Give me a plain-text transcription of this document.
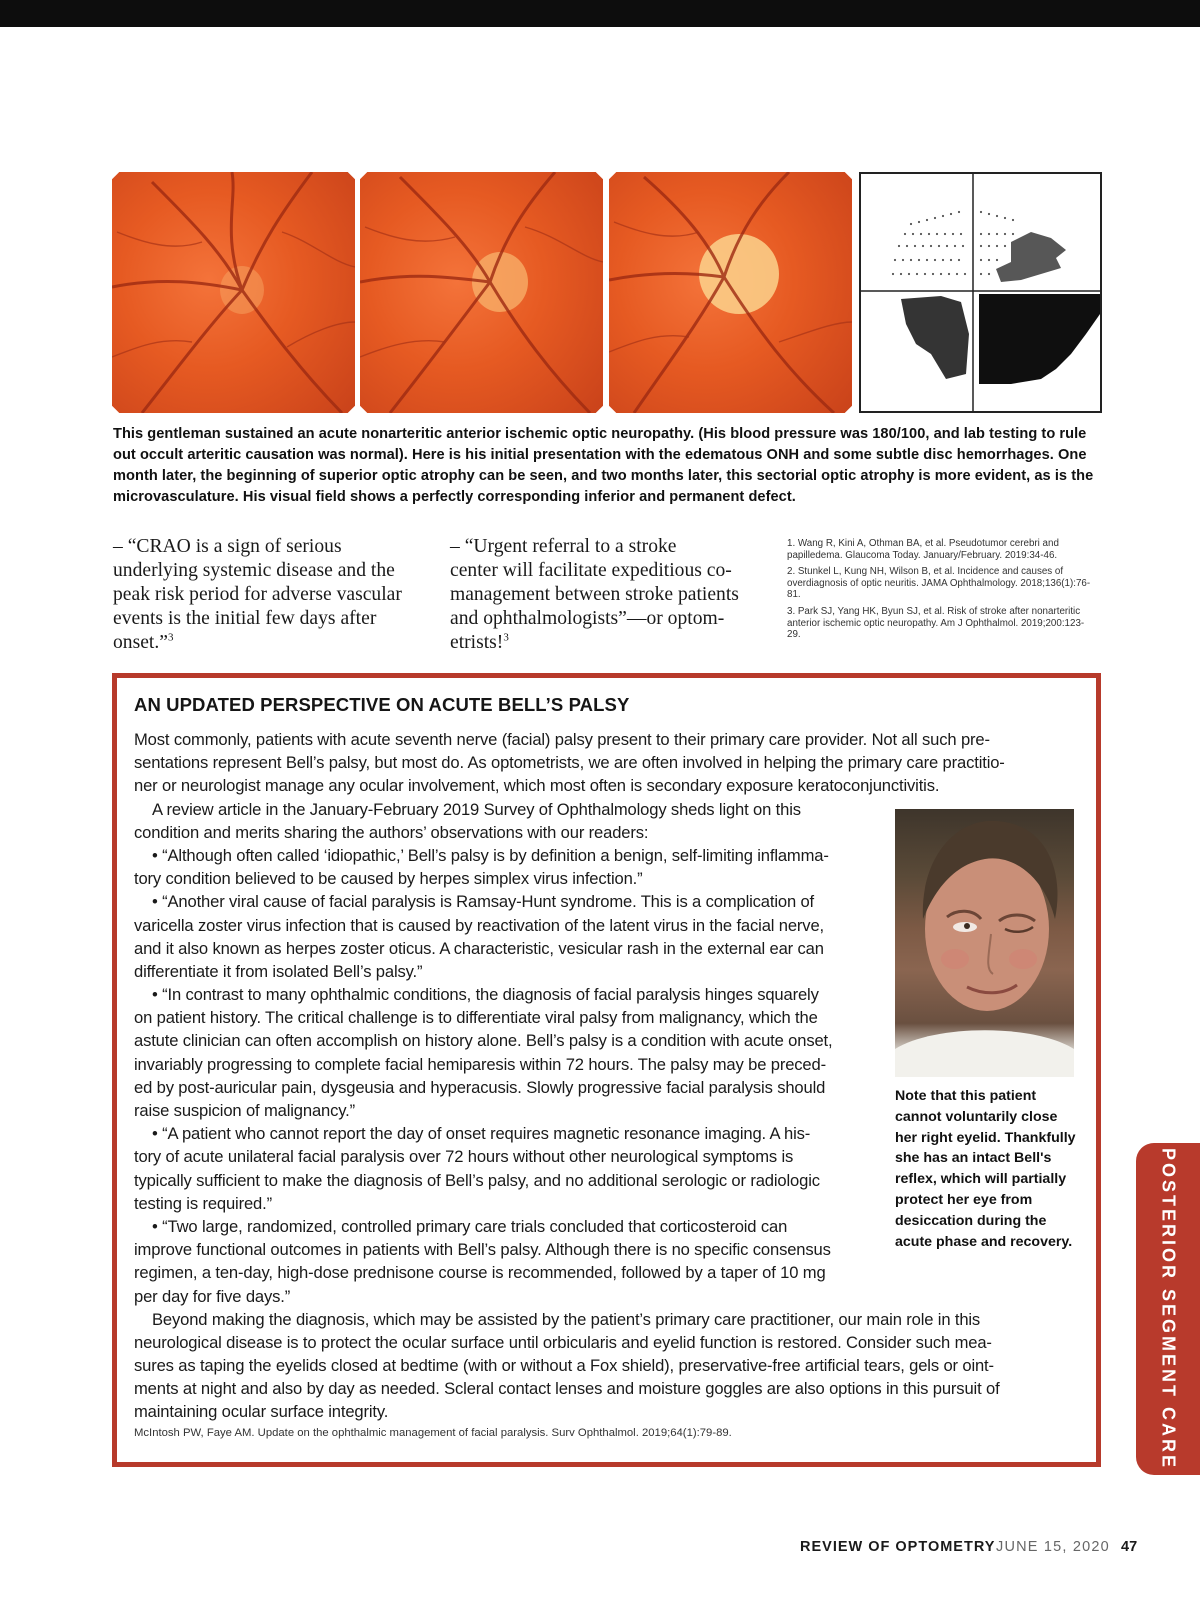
This gentleman sustained an acute nonarteritic anterior ischemic optic neuropathy. (His blood pressure was 180/100, and lab testing to rule out occult arteritic causation was normal). Here is his initial presentation with the edematous ONH and some subtle disc hemorrhages. One month later, the beginning of superior optic atrophy can be seen, and two months later, this sectorial optic atrophy is more evident, as is the microvasculature. His visual field shows a perfectly corresponding inferior and permanent defect.
– “CRAO is a sign of serious
underlying systemic disease and the
peak risk period for adverse vascular
events is the initial few days after
onset.”$^3$
– “Urgent referral to a stroke
center will facilitate expeditious co-
management between stroke patients
and ophthalmologists”—or optom-
etrists!$^3$

1. Wang R, Kini A, Othman BA, et al. Pseudotumor cerebri and papilledema. Glaucoma Today. January/February. 2019:34-46.

2. Stunkel L, Kung NH, Wilson B, et al. Incidence and causes of overdiagnosis of optic neuritis. JAMA Ophthalmology. 2018;136(1):76-81.

3. Park SJ, Yang HK, Byun SJ, et al. Risk of stroke after nonarteritic anterior ischemic optic neuropathy. Am J Ophthalmol. 2019;200:123-29.

AN UPDATED PERSPECTIVE ON ACUTE BELL’S PALSY
Most commonly, patients with acute seventh nerve (facial) palsy present to their primary care provider. Not all such pre-
sentations represent Bell’s palsy, but most do. As optometrists, we are often involved in helping the primary care practitio-
ner or neurologist manage any ocular involvement, which most often is secondary exposure keratoconjunctivitis.
A review article in the January-February 2019 Survey of Ophthalmology sheds light on this
condition and merits sharing the authors’ observations with our readers:
• “Although often called ‘idiopathic,’ Bell’s palsy is by definition a benign, self-limiting inflamma-
tory condition believed to be caused by herpes simplex virus infection.”
• “Another viral cause of facial paralysis is Ramsay-Hunt syndrome. This is a complication of
varicella zoster virus infection that is caused by reactivation of the latent virus in the facial nerve,
and it also known as herpes zoster oticus. A characteristic, vesicular rash in the external ear can
differentiate it from isolated Bell’s palsy.”
• “In contrast to many ophthalmic conditions, the diagnosis of facial paralysis hinges squarely
on patient history. The critical challenge is to differentiate viral palsy from malignancy, which the
astute clinician can often accomplish on history alone. Bell’s palsy is a condition with acute onset,
invariably progressing to complete facial hemiparesis within 72 hours. The palsy may be preced-
ed by post-auricular pain, dysgeusia and hyperacusis. Slowly progressive facial paralysis should
raise suspicion of malignancy.”
• “A patient who cannot report the day of onset requires magnetic resonance imaging. A his-
tory of acute unilateral facial paralysis over 72 hours without other neurological symptoms is
typically sufficient to make the diagnosis of Bell’s palsy, and no additional serologic or radiologic
testing is required.”
• “Two large, randomized, controlled primary care trials concluded that corticosteroid can
improve functional outcomes in patients with Bell’s palsy. Although there is no specific consensus
regimen, a ten-day, high-dose prednisone course is recommended, followed by a taper of 10 mg
per day for five days.”
Beyond making the diagnosis, which may be assisted by the patient’s primary care practitioner, our main role in this
neurological disease is to protect the ocular surface until orbicularis and eyelid function is restored. Consider such mea-
sures as taping the eyelids closed at bedtime (with or without a Fox shield), preservative-free artificial tears, gels or oint-
ments at night and also by day as needed. Scleral contact lenses and moisture goggles are also options in this pursuit of
maintaining ocular surface integrity.
Note that this patient cannot voluntarily close her right eyelid. Thankfully she has an intact Bell's reflex, which will partially protect her eye from desiccation during the acute phase and recovery.
McIntosh PW, Faye AM. Update on the ophthalmic management of facial paralysis. Surv Ophthalmol. 2019;64(1):79-89.	POSTERIOR SEGMENT CARE
REVIEW OF OPTOMETRY JUNE 15, 2020 47
